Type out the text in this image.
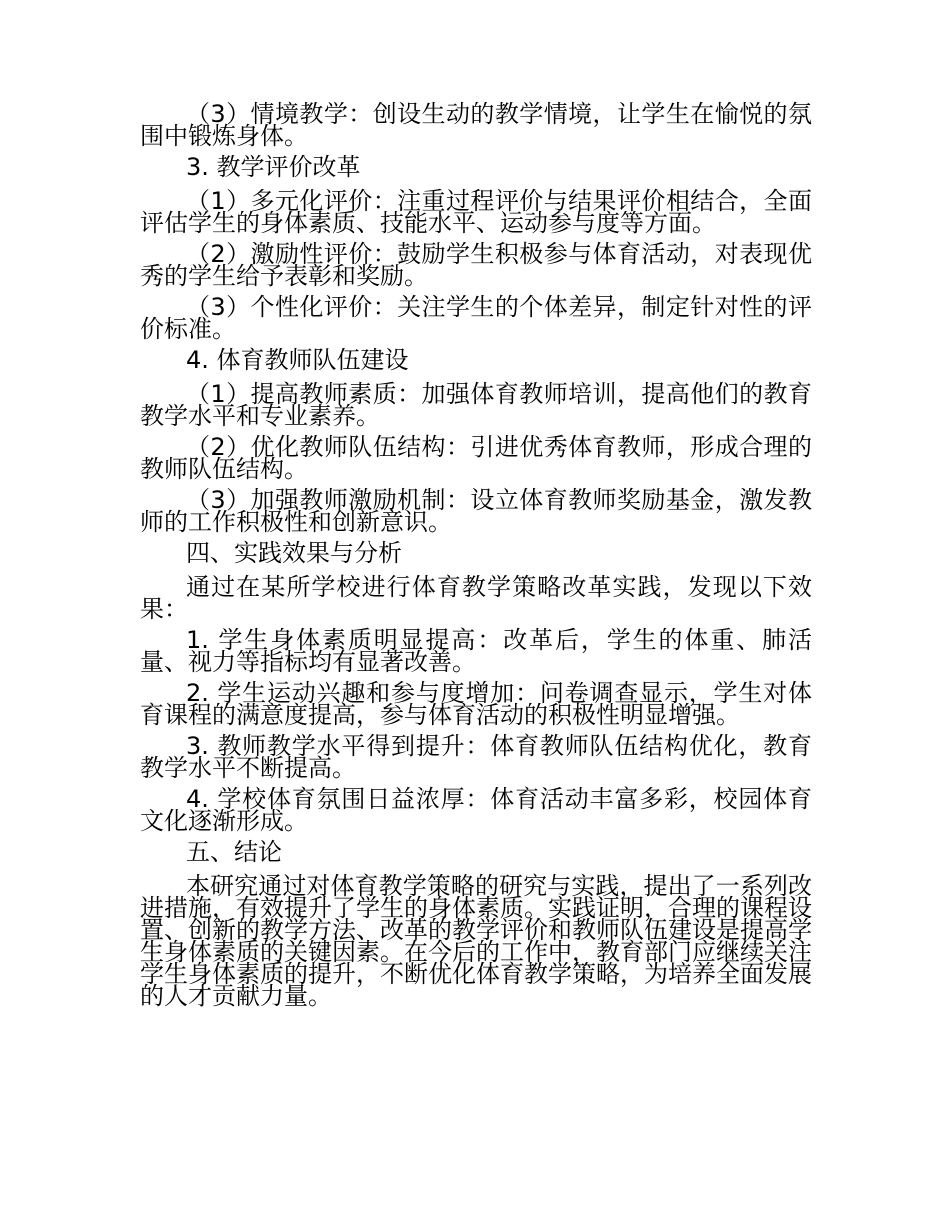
（3）情境教学：创设生动的教学情境，让学生在愉悦的氛围中锻炼身体。

3. 教学评价改革

（1）多元化评价：注重过程评价与结果评价相结合，全面评估学生的身体素质、技能水平、运动参与度等方面。

（2）激励性评价：鼓励学生积极参与体育活动，对表现优秀的学生给予表彰和奖励。

（3）个性化评价：关注学生的个体差异，制定针对性的评价标准。

4. 体育教师队伍建设

（1）提高教师素质：加强体育教师培训，提高他们的教育教学水平和专业素养。

（2）优化教师队伍结构：引进优秀体育教师，形成合理的教师队伍结构。

（3）加强教师激励机制：设立体育教师奖励基金，激发教师的工作积极性和创新意识。

四、实践效果与分析

通过在某所学校进行体育教学策略改革实践，发现以下效果：

1. 学生身体素质明显提高：改革后，学生的体重、肺活量、视力等指标均有显著改善。

2. 学生运动兴趣和参与度增加：问卷调查显示，学生对体育课程的满意度提高，参与体育活动的积极性明显增强。

3. 教师教学水平得到提升：体育教师队伍结构优化，教育教学水平不断提高。

4. 学校体育氛围日益浓厚：体育活动丰富多彩，校园体育文化逐渐形成。

五、结论

本研究通过对体育教学策略的研究与实践，提出了一系列改进措施，有效提升了学生的身体素质。实践证明，合理的课程设置、创新的教学方法、改革的教学评价和教师队伍建设是提高学生身体素质的关键因素。在今后的工作中，教育部门应继续关注学生身体素质的提升，不断优化体育教学策略，为培养全面发展的人才贡献力量。
